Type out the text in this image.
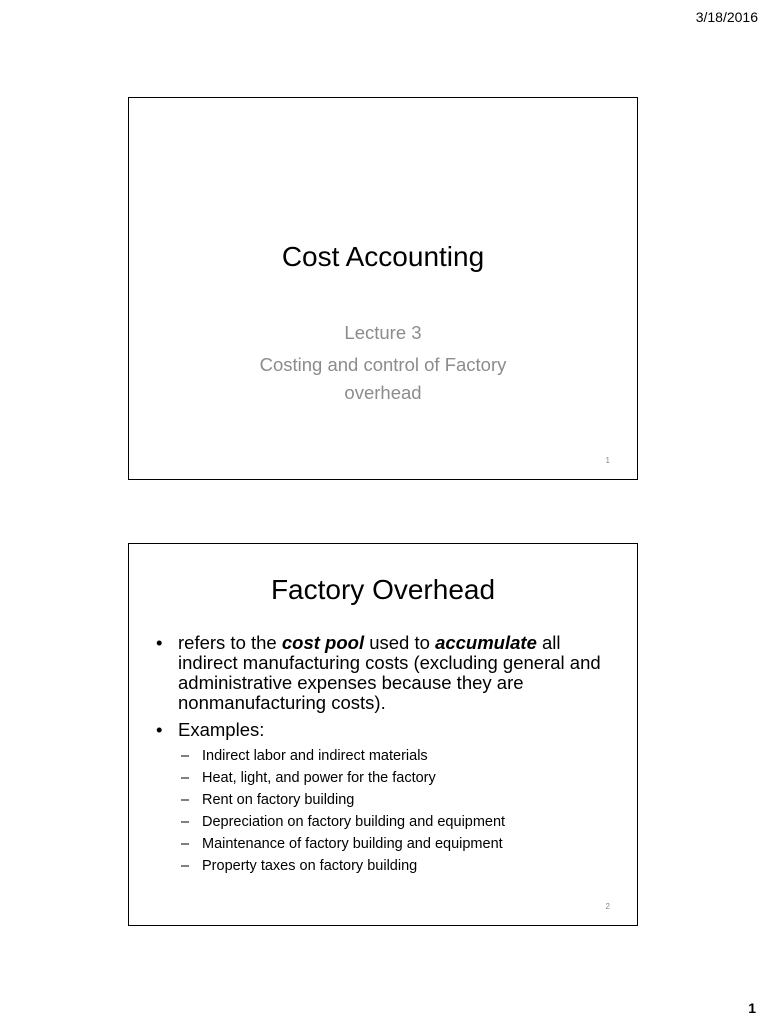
3/18/2016
Cost Accounting
Lecture 3
Costing and control of Factory
overhead
1
Factory Overhead
• refers to the cost pool used to accumulate all indirect manufacturing costs (excluding general and administrative expenses because they are nonmanufacturing costs).
• Examples:
– Indirect labor and indirect materials
– Heat, light, and power for the factory
– Rent on factory building
– Depreciation on factory building and equipment
– Maintenance of factory building and equipment
– Property taxes on factory building
2
1
